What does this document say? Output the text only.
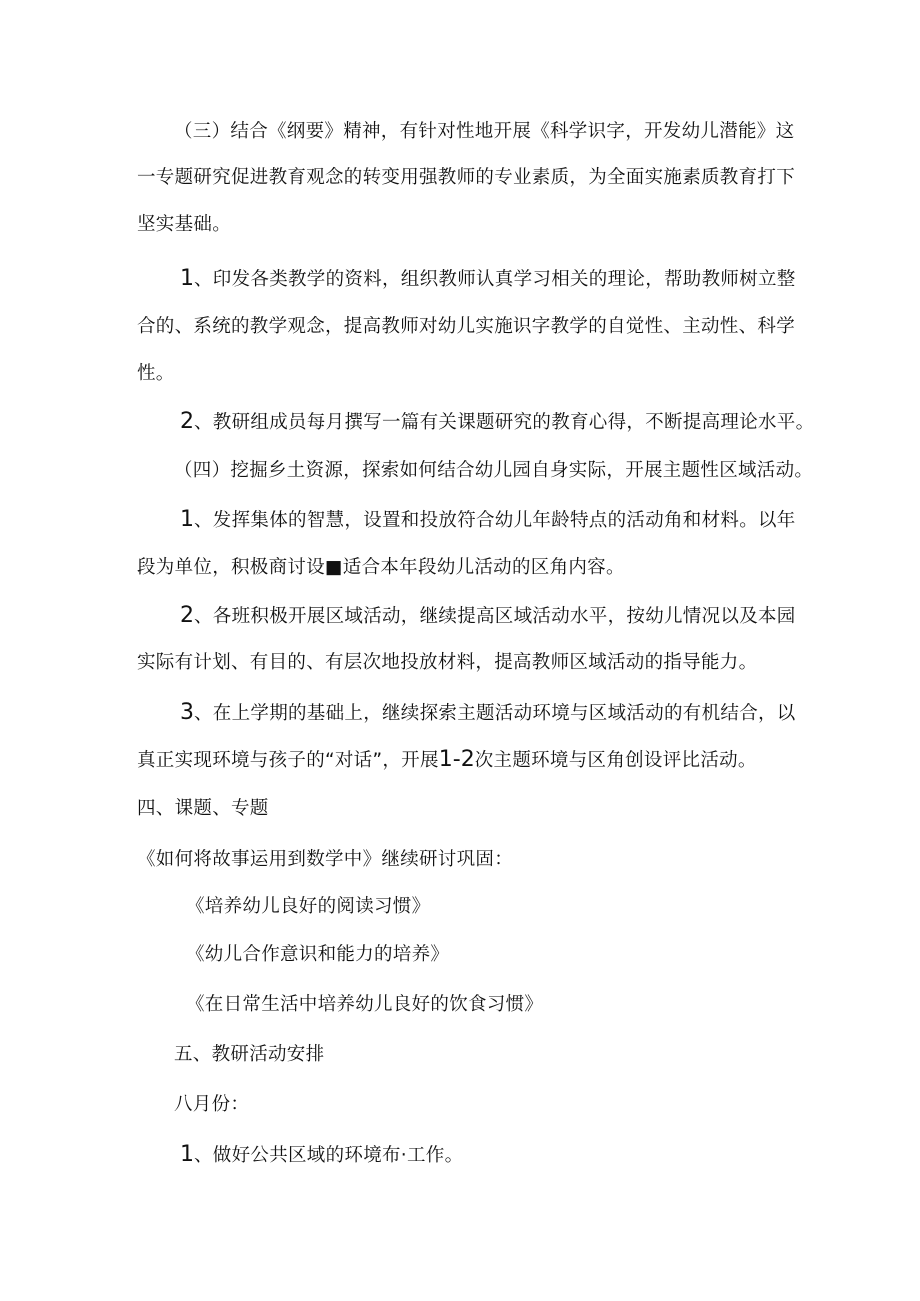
（三）结合《纲要》精神，有针对性地开展《科学识字，开发幼儿潜能》这

一专题研究促进教育观念的转变用强教师的专业素质，为全面实施素质教育打下

坚实基础。

1、印发各类教学的资料，组织教师认真学习相关的理论，帮助教师树立整

合的、系统的教学观念，提高教师对幼儿实施识字教学的自觉性、主动性、科学

性。

2、教研组成员每月撰写一篇有关课题研究的教育心得，不断提高理论水平。

（四）挖掘乡土资源，探索如何结合幼儿园自身实际，开展主题性区域活动。

1、发挥集体的智慧，设置和投放符合幼儿年龄特点的活动角和材料。以年

段为单位，积极商讨设■适合本年段幼儿活动的区角内容。

2、各班积极开展区域活动，继续提高区域活动水平，按幼儿情况以及本园

实际有计划、有目的、有层次地投放材料，提高教师区域活动的指导能力。

3、在上学期的基础上，继续探索主题活动环境与区域活动的有机结合，以

真正实现环境与孩子的“对话”，开展1-2次主题环境与区角创设评比活动。

四、课题、专题

《如何将故事运用到数学中》继续研讨巩固：

《培养幼儿良好的阅读习惯》

《幼儿合作意识和能力的培养》

《在日常生活中培养幼儿良好的饮食习惯》

五、教研活动安排

八月份：

1、做好公共区域的环境布·工作。
